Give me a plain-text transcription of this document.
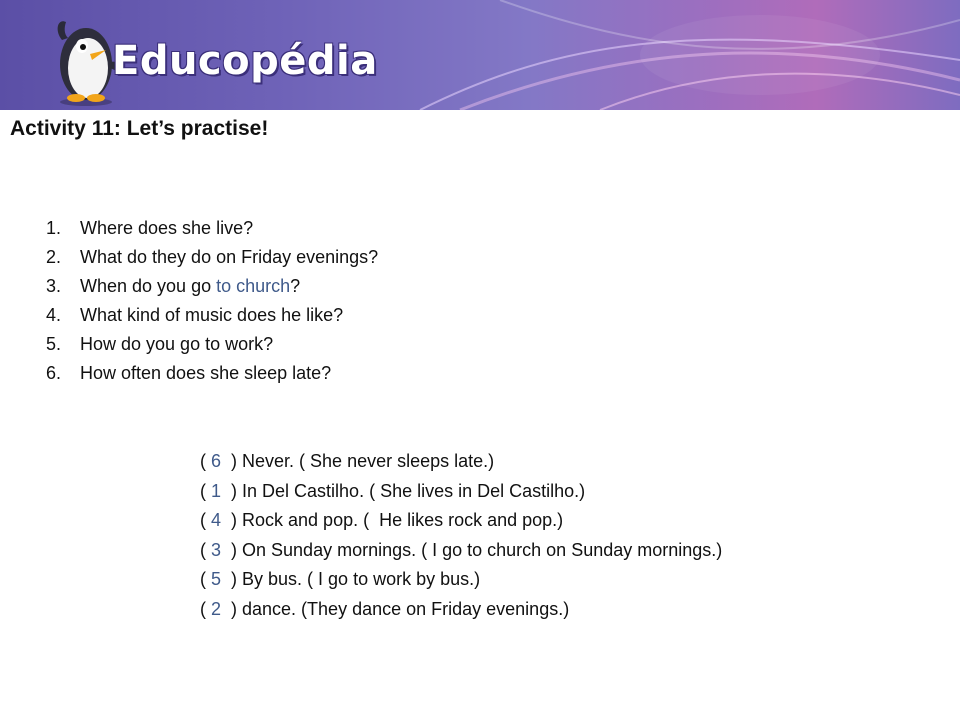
Educopédia
Activity 11: Let’s practise!
1. Where does she live?
2. What do they do on Friday evenings?
3. When do you go to church?
4. What kind of music does he like?
5. How do you go to work?
6. How often does she sleep late?
( 6  ) Never. ( She never sleeps late.)
( 1  ) In Del Castilho. ( She lives in Del Castilho.)
( 4  ) Rock and pop. (  He likes rock and pop.)
( 3  ) On Sunday mornings. ( I go to church on Sunday mornings.)
( 5  ) By bus. ( I go to work by bus.)
( 2  ) dance. (They dance on Friday evenings.)
